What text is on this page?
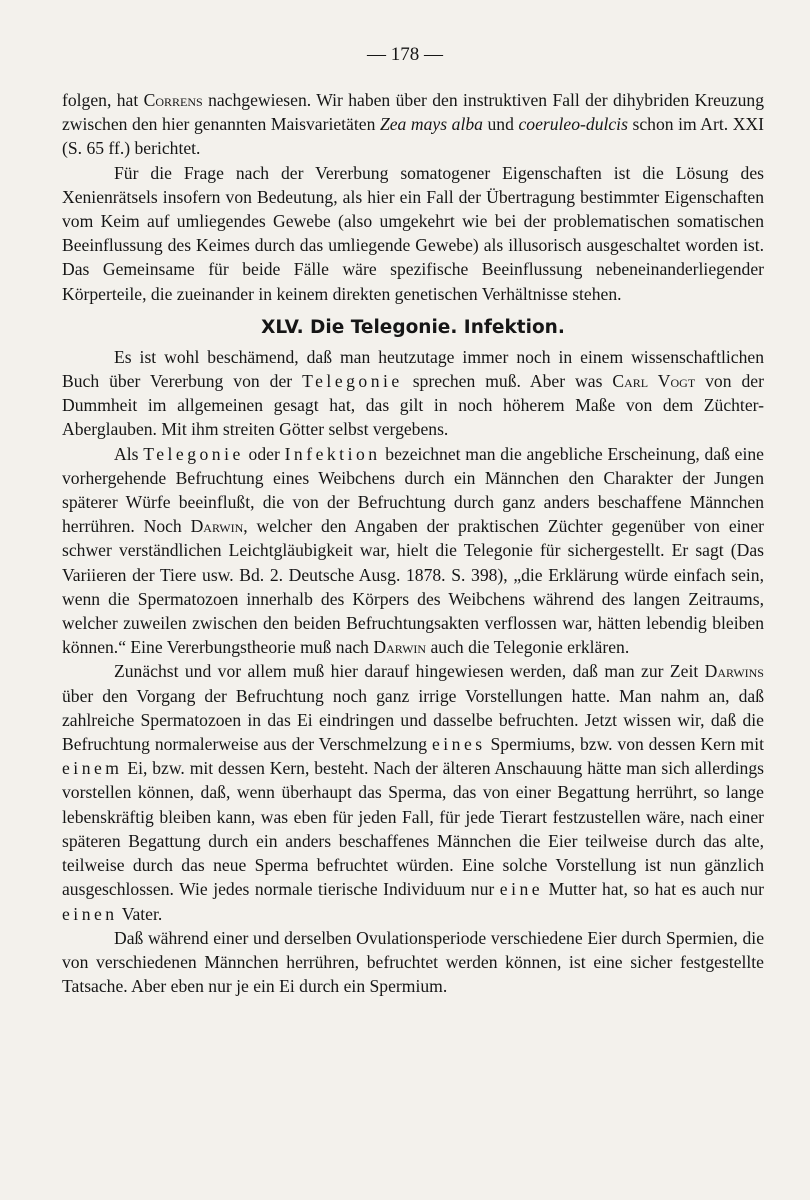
— 178 —

folgen, hat Correns nachgewiesen. Wir haben über den instruktiven Fall der dihybriden Kreuzung zwischen den hier genannten Maisvarietäten Zea mays alba und coeruleo-dulcis schon im Art. XXI (S. 65 ff.) berichtet.

Für die Frage nach der Vererbung somatogener Eigenschaften ist die Lösung des Xenienrätsels insofern von Bedeutung, als hier ein Fall der Übertragung bestimmter Eigenschaften vom Keim auf umliegendes Gewebe (also umgekehrt wie bei der problematischen somatischen Beeinflussung des Keimes durch das umliegende Gewebe) als illusorisch ausgeschaltet worden ist. Das Gemeinsame für beide Fälle wäre spezifische Beeinflussung nebeneinanderliegender Körperteile, die zueinander in keinem direkten genetischen Verhältnisse stehen.

XLV. Die Telegonie. Infektion.

Es ist wohl beschämend, daß man heutzutage immer noch in einem wissenschaftlichen Buch über Vererbung von der Telegonie sprechen muß. Aber was Carl Vogt von der Dummheit im allgemeinen gesagt hat, das gilt in noch höherem Maße von dem Züchter-Aberglauben. Mit ihm streiten Götter selbst vergebens.

Als Telegonie oder Infektion bezeichnet man die angebliche Erscheinung, daß eine vorhergehende Befruchtung eines Weibchens durch ein Männchen den Charakter der Jungen späterer Würfe beeinflußt, die von der Befruchtung durch ganz anders beschaffene Männchen herrühren. Noch Darwin, welcher den Angaben der praktischen Züchter gegenüber von einer schwer verständlichen Leichtgläubigkeit war, hielt die Telegonie für sichergestellt. Er sagt (Das Variieren der Tiere usw. Bd. 2. Deutsche Ausg. 1878. S. 398), „die Erklärung würde einfach sein, wenn die Spermatozoen innerhalb des Körpers des Weibchens während des langen Zeitraums, welcher zuweilen zwischen den beiden Befruchtungsakten verflossen war, hätten lebendig bleiben können.“ Eine Vererbungstheorie muß nach Darwin auch die Telegonie erklären.

Zunächst und vor allem muß hier darauf hingewiesen werden, daß man zur Zeit Darwins über den Vorgang der Befruchtung noch ganz irrige Vorstellungen hatte. Man nahm an, daß zahlreiche Spermatozoen in das Ei eindringen und dasselbe befruchten. Jetzt wissen wir, daß die Befruchtung normalerweise aus der Verschmelzung eines Spermiums, bzw. von dessen Kern mit einem Ei, bzw. mit dessen Kern, besteht. Nach der älteren Anschauung hätte man sich allerdings vorstellen können, daß, wenn überhaupt das Sperma, das von einer Begattung herrührt, so lange lebenskräftig bleiben kann, was eben für jeden Fall, für jede Tierart festzustellen wäre, nach einer späteren Begattung durch ein anders beschaffenes Männchen die Eier teilweise durch das alte, teilweise durch das neue Sperma befruchtet würden. Eine solche Vorstellung ist nun gänzlich ausgeschlossen. Wie jedes normale tierische Individuum nur eine Mutter hat, so hat es auch nur einen Vater.

Daß während einer und derselben Ovulationsperiode verschiedene Eier durch Spermien, die von verschiedenen Männchen herrühren, befruchtet werden können, ist eine sicher festgestellte Tatsache. Aber eben nur je ein Ei durch ein Spermium.
